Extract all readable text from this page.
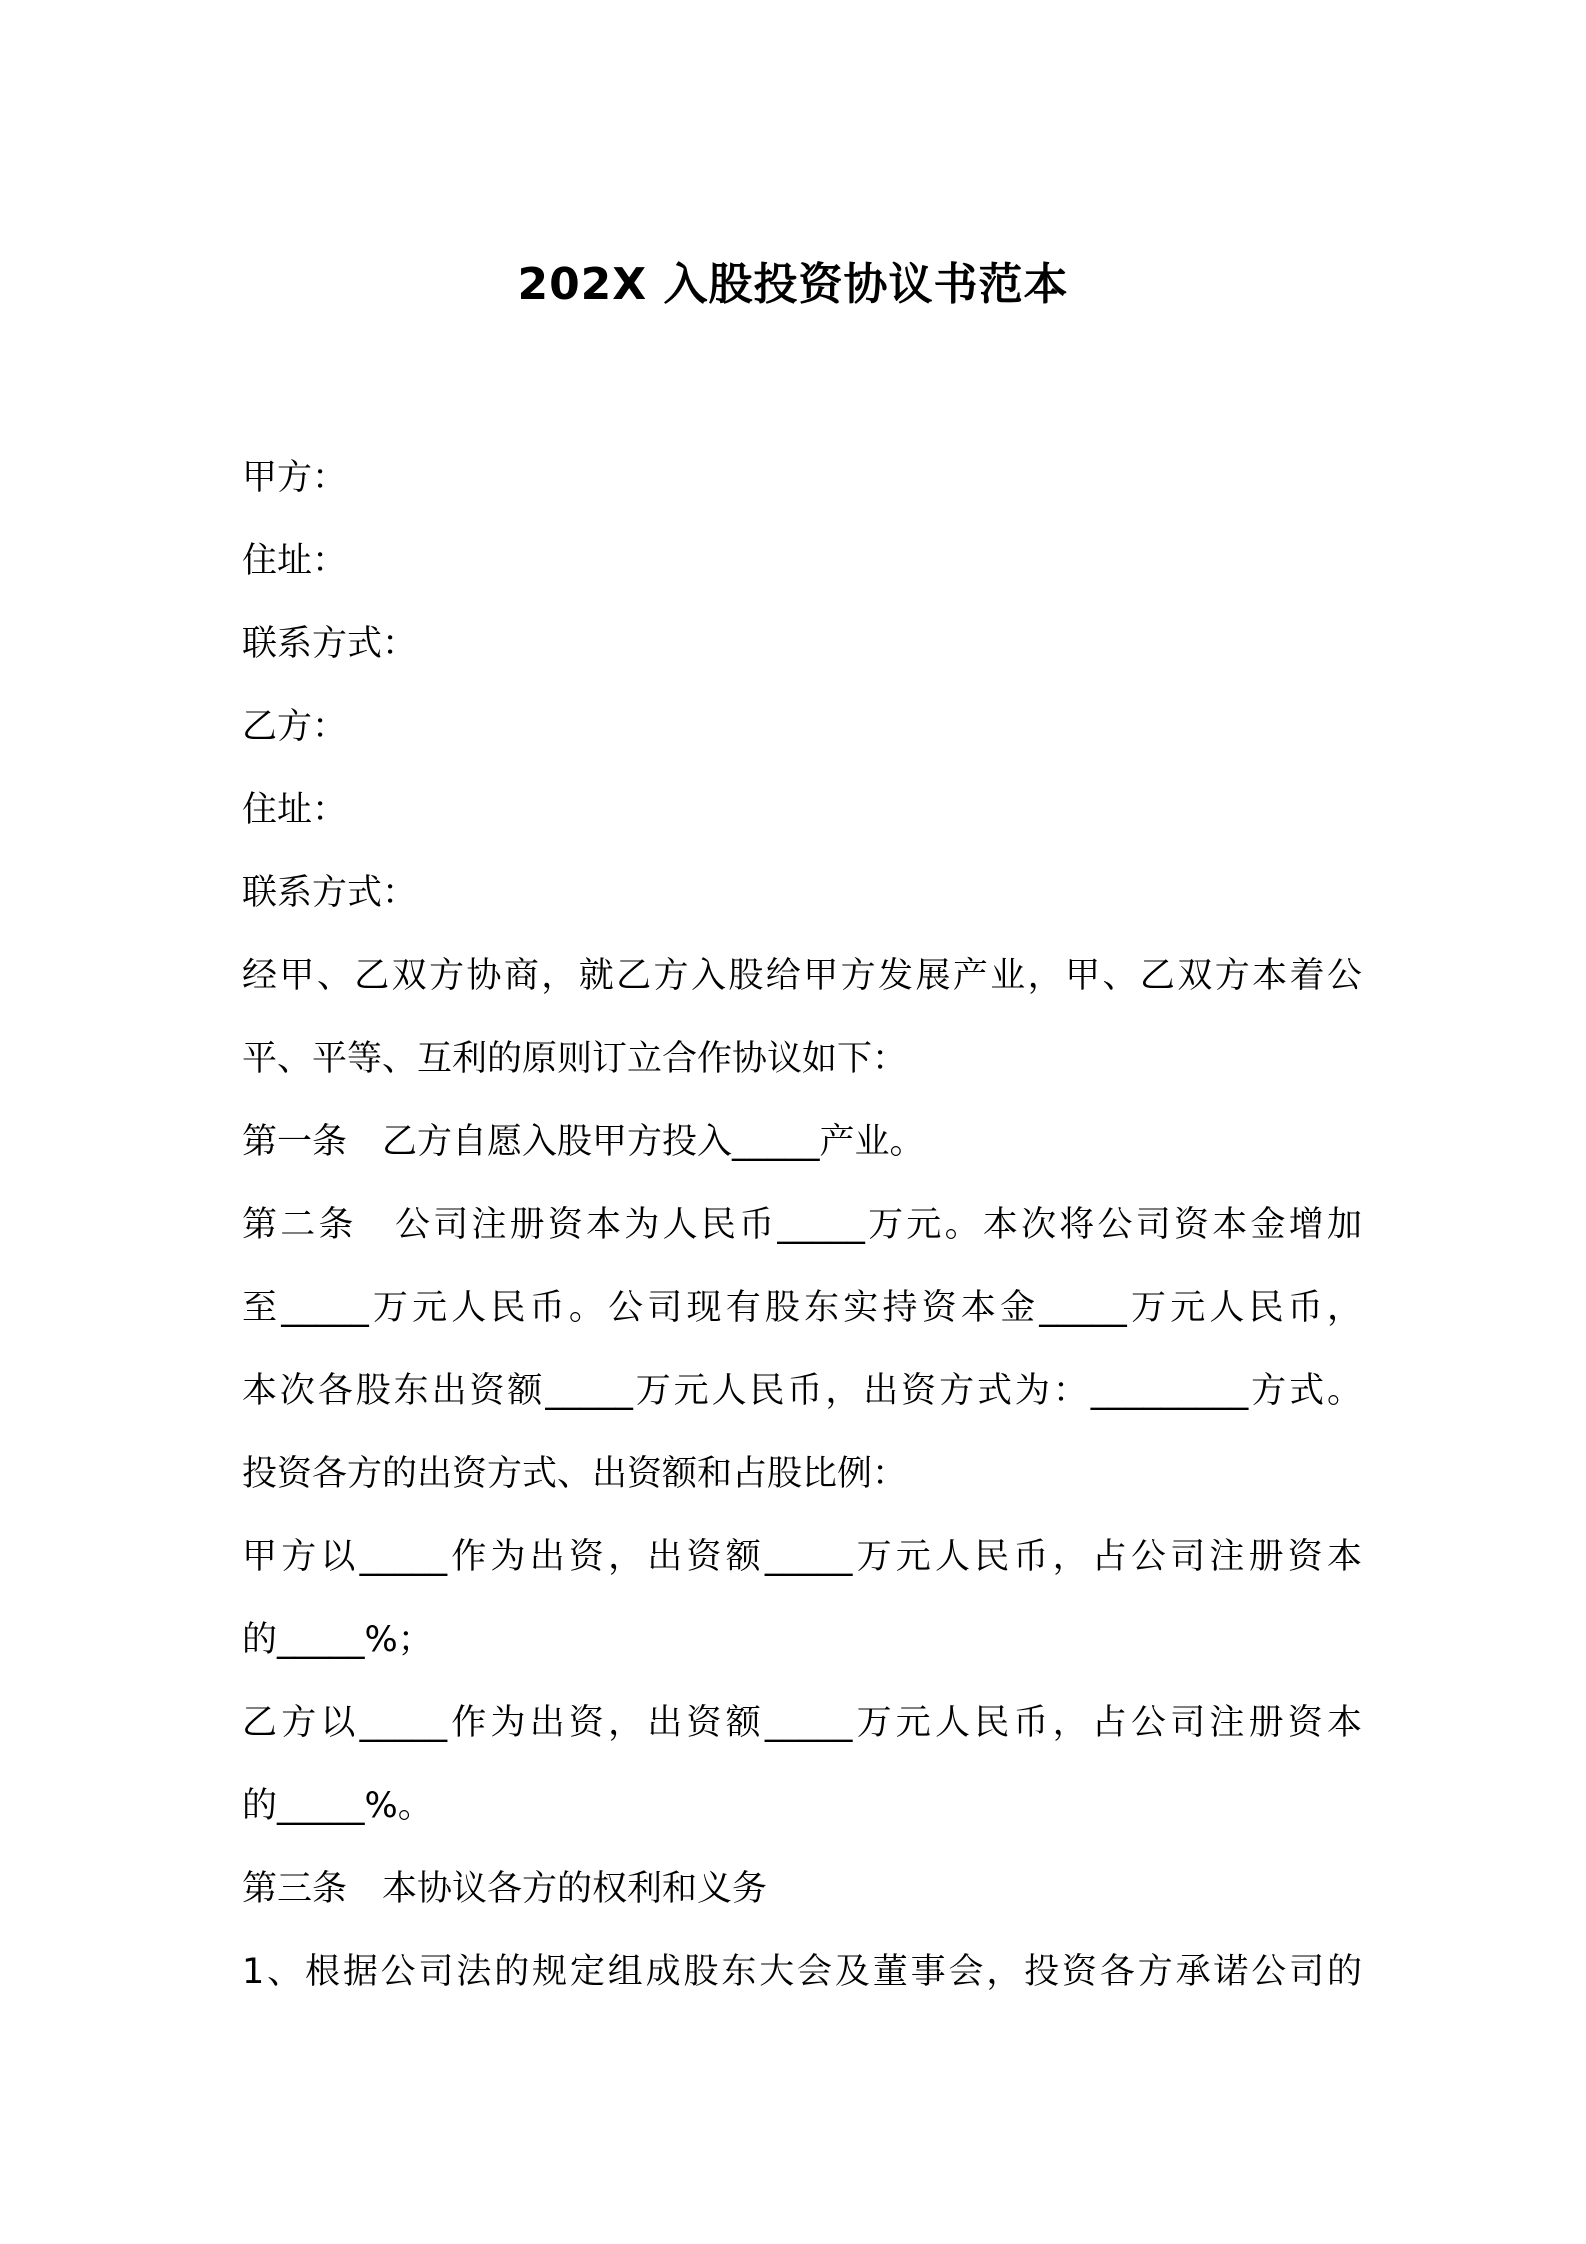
202X 入股投资协议书范本
甲方：
住址：
联系方式：
乙方：
住址：
联系方式：
经甲、乙双方协商，就乙方入股给甲方发展产业，甲、乙双方本着公
平、平等、互利的原则订立合作协议如下：
第一条　乙方自愿入股甲方投入_____产业。
第二条　公司注册资本为人民币_____万元。本次将公司资本金增加
至_____万元人民币。公司现有股东实持资本金_____万元人民币，
本次各股东出资额_____万元人民币，出资方式为：_________方式。
投资各方的出资方式、出资额和占股比例：
甲方以_____作为出资，出资额_____万元人民币，占公司注册资本
的_____%；
乙方以_____作为出资，出资额_____万元人民币，占公司注册资本
的_____%。
第三条　本协议各方的权利和义务
1、根据公司法的规定组成股东大会及董事会，投资各方承诺公司的
